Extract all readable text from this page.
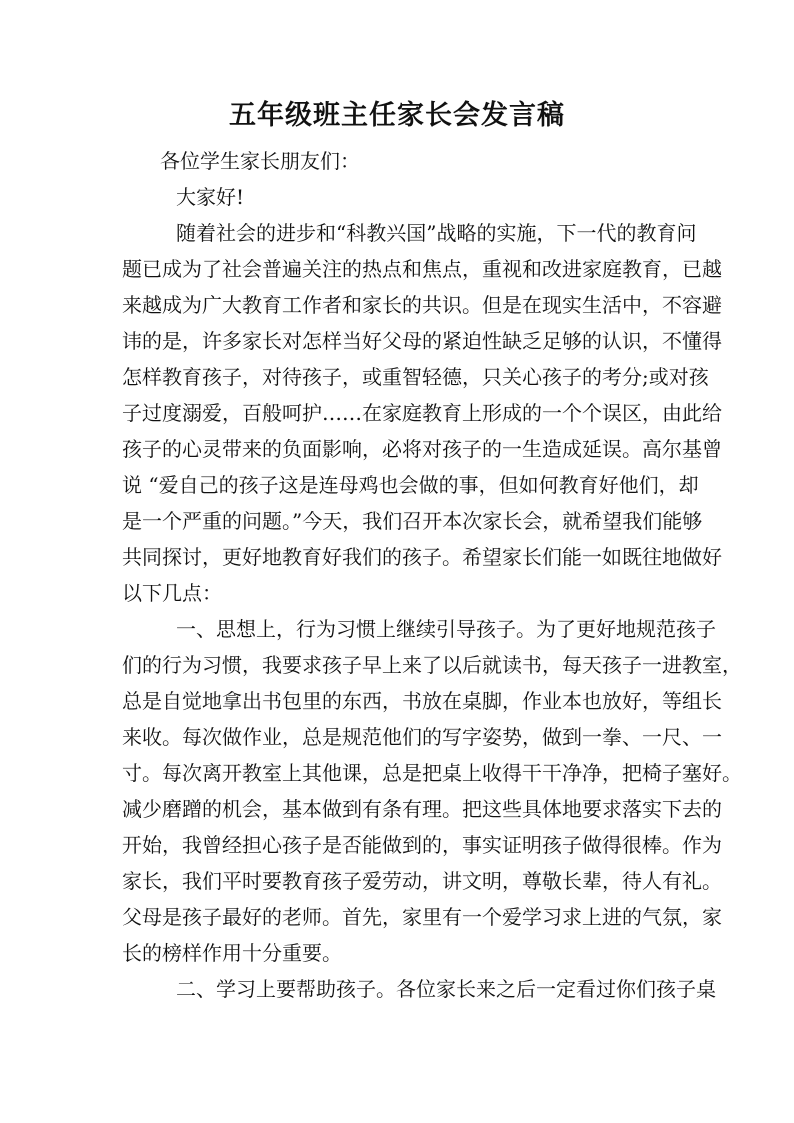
五年级班主任家长会发言稿
各位学生家长朋友们：
大家好!
随着社会的进步和“科教兴国”战略的实施，下一代的教育问
题已成为了社会普遍关注的热点和焦点，重视和改进家庭教育，已越
来越成为广大教育工作者和家长的共识。但是在现实生活中，不容避
讳的是，许多家长对怎样当好父母的紧迫性缺乏足够的认识，不懂得
怎样教育孩子，对待孩子，或重智轻德，只关心孩子的考分;或对孩
子过度溺爱，百般呵护……在家庭教育上形成的一个个误区，由此给
孩子的心灵带来的负面影响，必将对孩子的一生造成延误。高尔基曾
说 “爱自己的孩子这是连母鸡也会做的事，但如何教育好他们，却
是一个严重的问题。”今天，我们召开本次家长会，就希望我们能够
共同探讨，更好地教育好我们的孩子。希望家长们能一如既往地做好
以下几点：
一、思想上，行为习惯上继续引导孩子。为了更好地规范孩子
们的行为习惯，我要求孩子早上来了以后就读书，每天孩子一进教室，
总是自觉地拿出书包里的东西，书放在桌脚，作业本也放好，等组长
来收。每次做作业，总是规范他们的写字姿势，做到一拳、一尺、一
寸。每次离开教室上其他课，总是把桌上收得干干净净，把椅子塞好。
减少磨蹭的机会，基本做到有条有理。把这些具体地要求落实下去的
开始，我曾经担心孩子是否能做到的，事实证明孩子做得很棒。作为
家长，我们平时要教育孩子爱劳动，讲文明，尊敬长辈，待人有礼。
父母是孩子最好的老师。首先，家里有一个爱学习求上进的气氛，家
长的榜样作用十分重要。
二、学习上要帮助孩子。各位家长来之后一定看过你们孩子桌
